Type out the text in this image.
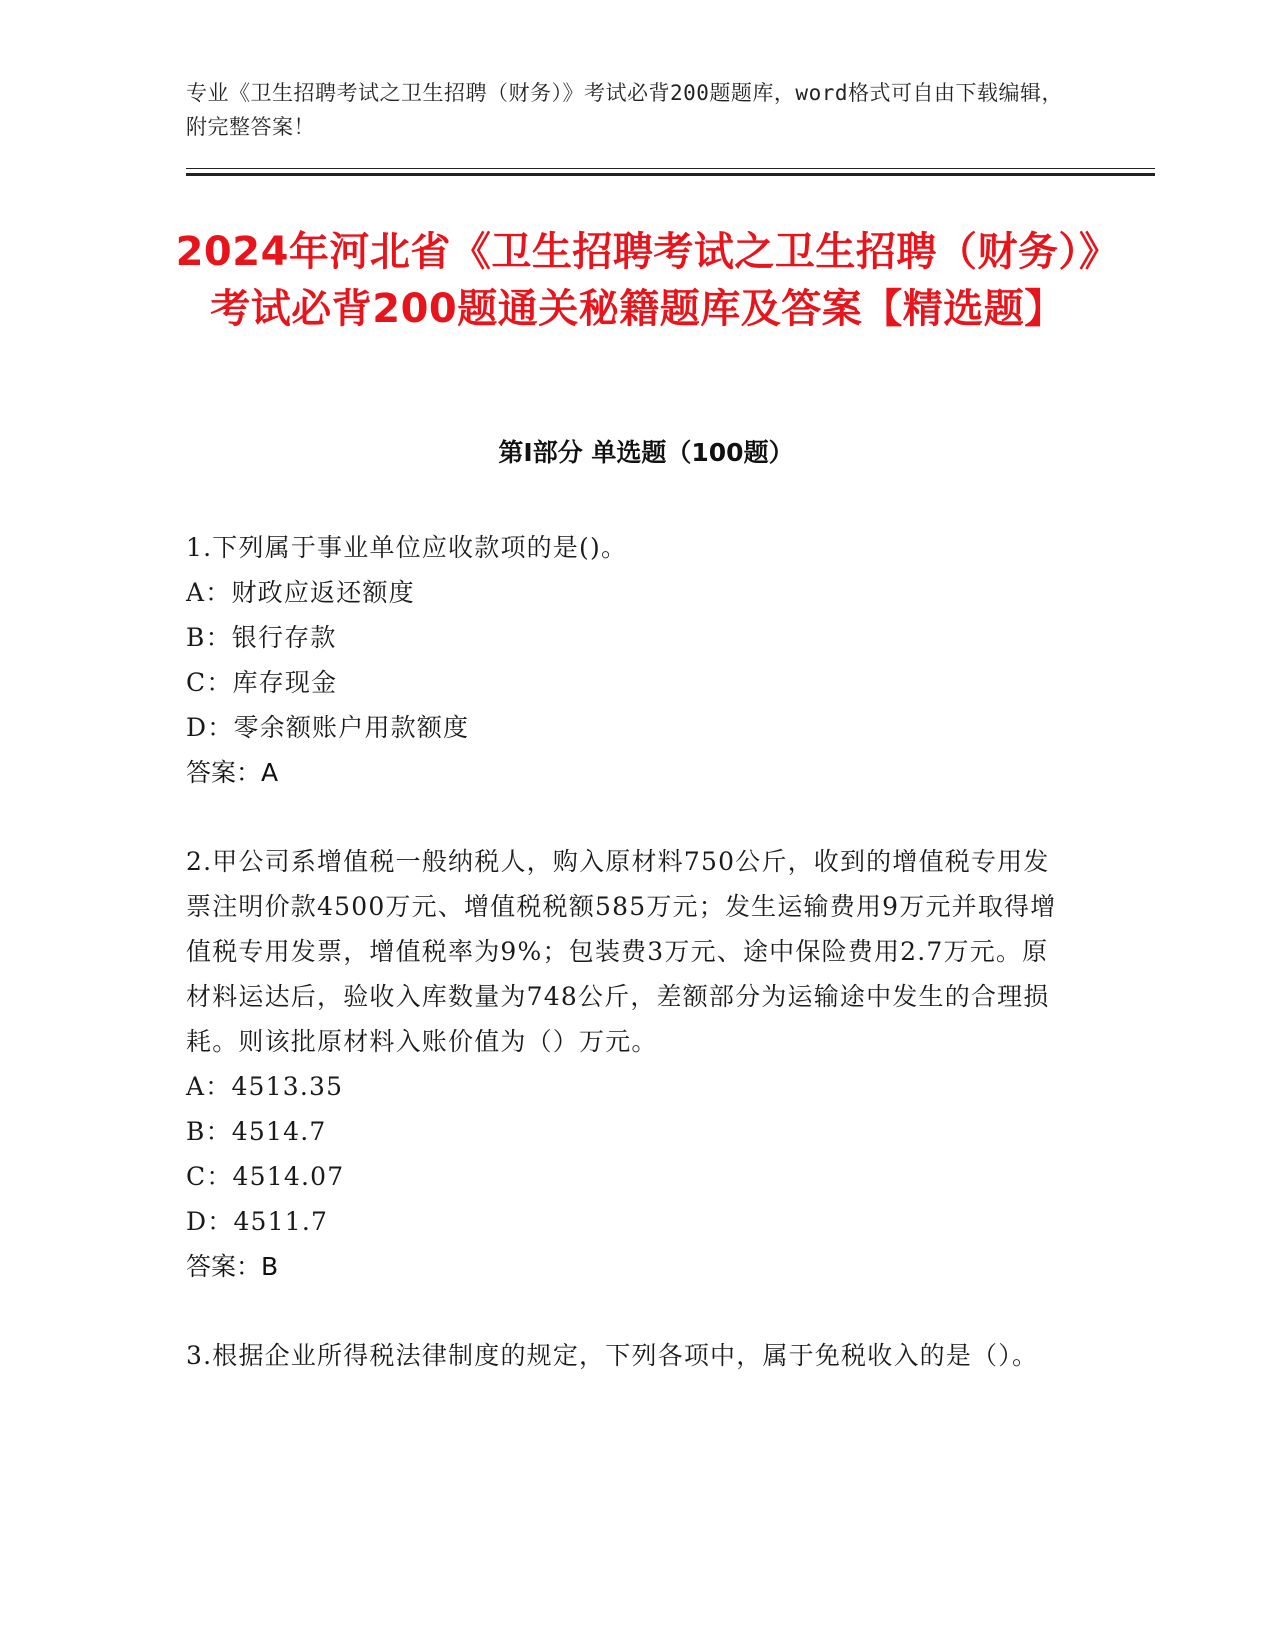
专业《卫生招聘考试之卫生招聘（财务）》考试必背200题题库，word格式可自由下载编辑，附完整答案！
2024年河北省《卫生招聘考试之卫生招聘（财务）》考试必背200题通关秘籍题库及答案【精选题】
第I部分 单选题（100题）

1.下列属于事业单位应收款项的是()。

A：财政应返还额度

B：银行存款

C：库存现金

D：零余额账户用款额度

答案：A

2.甲公司系增值税一般纳税人，购入原材料750公斤，收到的增值税专用发票注明价款4500万元、增值税税额585万元；发生运输费用9万元并取得增值税专用发票，增值税率为9%；包装费3万元、途中保险费用2.7万元。原材料运达后，验收入库数量为748公斤，差额部分为运输途中发生的合理损耗。则该批原材料入账价值为（）万元。

A：4513.35

B：4514.7

C：4514.07

D：4511.7

答案：B

3.根据企业所得税法律制度的规定，下列各项中，属于免税收入的是（）。
